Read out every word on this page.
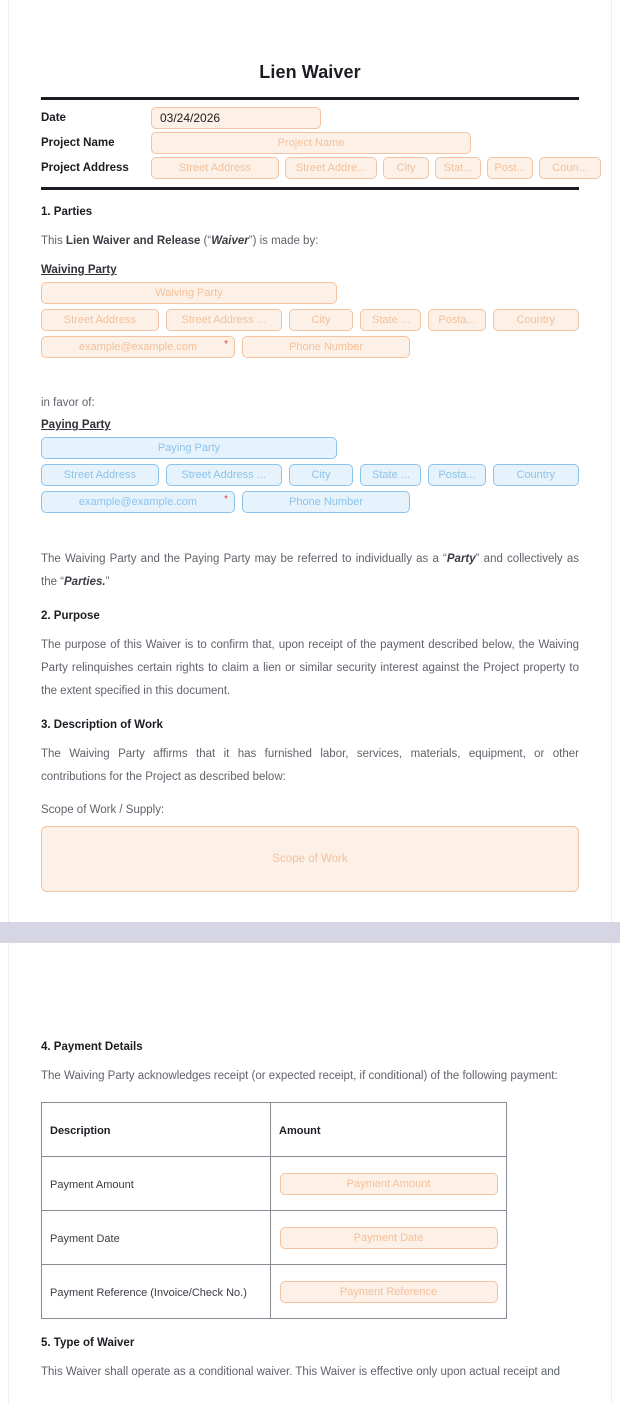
Lien Waiver
Date	03/24/2026
Project Name	Project Name
Project Address	Street Address	Street Addre...	City	Stat...	Post...	Coun...
1. Parties

This Lien Waiver and Release (“Waiver”) is made by:

Waiving Party
Waiving Party
Street Address	Street Address ...	City	State ...	Posta...	Country
example@example.com	*	Phone Number
in favor of:
Paying Party
Paying Party
Street Address	Street Address ...	City	State ...	Posta...	Country
example@example.com	*	Phone Number

The Waiving Party and the Paying Party may be referred to individually as a “Party” and collectively as the “Parties.”

2. Purpose

The purpose of this Waiver is to confirm that, upon receipt of the payment described below, the Waiving Party relinquishes certain rights to claim a lien or similar security interest against the Project property to the extent specified in this document.

3. Description of Work

The Waiving Party affirms that it has furnished labor, services, materials, equipment, or other contributions for the Project as described below:

Scope of Work / Supply:
Scope of Work
4. Payment Details

The Waiving Party acknowledges receipt (or expected receipt, if conditional) of the following payment:

Description	Amount
Payment Amount	Payment Amount

Payment Date	Payment Date

Payment Reference (Invoice/Check No.)	Payment Reference
5. Type of Waiver

This Waiver shall operate as a conditional waiver. This Waiver is effective only upon actual receipt and
